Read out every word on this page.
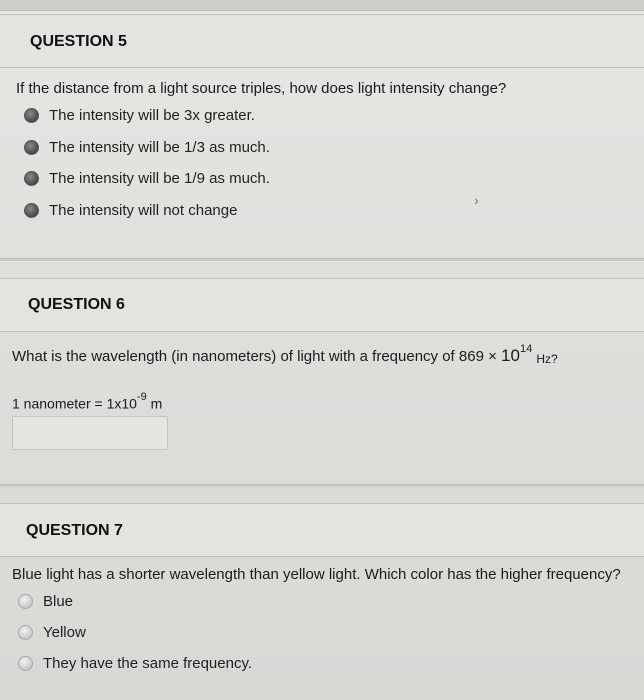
QUESTION 5
If the distance from a light source triples, how does light intensity change?
The intensity will be 3x greater.
The intensity will be 1/3 as much.
The intensity will be 1/9 as much.
The intensity will not change
›
QUESTION 6
What is the wavelength (in nanometers) of light with a frequency of $869 \times 10^{14}$ Hz?
1 nanometer = $1x10^{-9}$ m
QUESTION 7
Blue light has a shorter wavelength than yellow light. Which color has the higher frequency?
Blue
Yellow
They have the same frequency.
